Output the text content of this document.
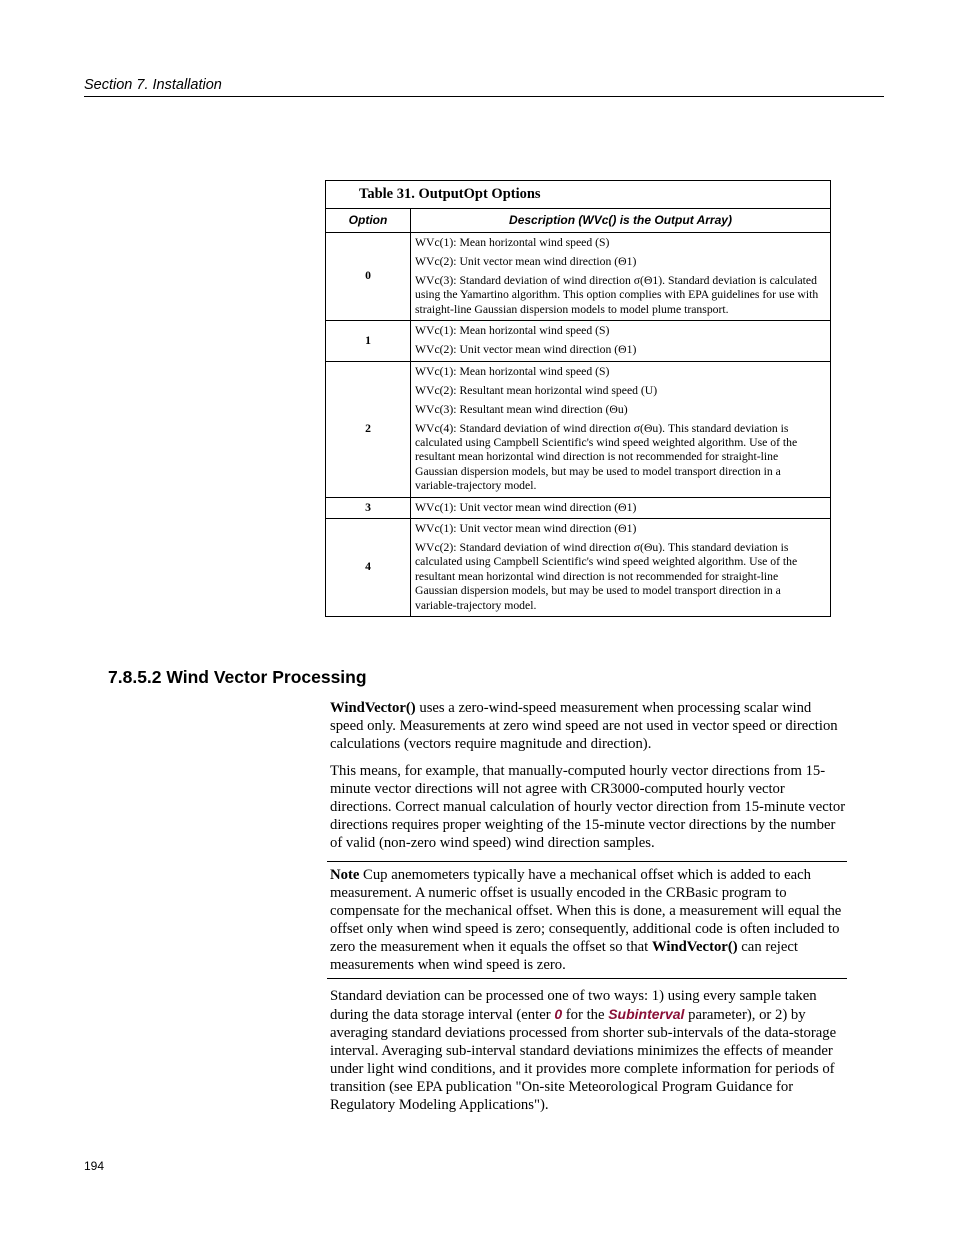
Section 7. Installation
Table 31. OutputOpt Options	
Option	Description (WVc() is the Output Array)
0	WVc(1): Mean horizontal wind speed (S)

WVc(2): Unit vector mean wind direction (Θ1)

WVc(3): Standard deviation of wind direction σ(Θ1). Standard deviation is calculated using the Yamartino algorithm. This option complies with EPA guidelines for use with straight-line Gaussian dispersion models to model plume transport.

1	WVc(1): Mean horizontal wind speed (S)

WVc(2): Unit vector mean wind direction (Θ1)

2	WVc(1): Mean horizontal wind speed (S)

WVc(2): Resultant mean horizontal wind speed (U)

WVc(3): Resultant mean wind direction (Θu)

WVc(4): Standard deviation of wind direction σ(Θu). This standard deviation is calculated using Campbell Scientific's wind speed weighted algorithm. Use of the resultant mean horizontal wind direction is not recommended for straight-line Gaussian dispersion models, but may be used to model transport direction in a variable-trajectory model.

3	WVc(1): Unit vector mean wind direction (Θ1)

4	WVc(1): Unit vector mean wind direction (Θ1)

WVc(2): Standard deviation of wind direction σ(Θu). This standard deviation is calculated using Campbell Scientific's wind speed weighted algorithm. Use of the resultant mean horizontal wind direction is not recommended for straight-line Gaussian dispersion models, but may be used to model transport direction in a variable-trajectory model.

7.8.5.2 Wind Vector Processing

WindVector() uses a zero-wind-speed measurement when processing scalar wind speed only. Measurements at zero wind speed are not used in vector speed or direction calculations (vectors require magnitude and direction).

This means, for example, that manually-computed hourly vector directions from 15-minute vector directions will not agree with CR3000-computed hourly vector directions. Correct manual calculation of hourly vector direction from 15-minute vector directions requires proper weighting of the 15-minute vector directions by the number of valid (non-zero wind speed) wind direction samples.

Note Cup anemometers typically have a mechanical offset which is added to each measurement. A numeric offset is usually encoded in the CRBasic program to compensate for the mechanical offset. When this is done, a measurement will equal the offset only when wind speed is zero; consequently, additional code is often included to zero the measurement when it equals the offset so that WindVector() can reject measurements when wind speed is zero.

Standard deviation can be processed one of two ways: 1) using every sample taken during the data storage interval (enter 0 for the Subinterval parameter), or 2) by averaging standard deviations processed from shorter sub-intervals of the data-storage interval. Averaging sub-interval standard deviations minimizes the effects of meander under light wind conditions, and it provides more complete information for periods of transition (see EPA publication "On-site Meteorological Program Guidance for Regulatory Modeling Applications").

194
